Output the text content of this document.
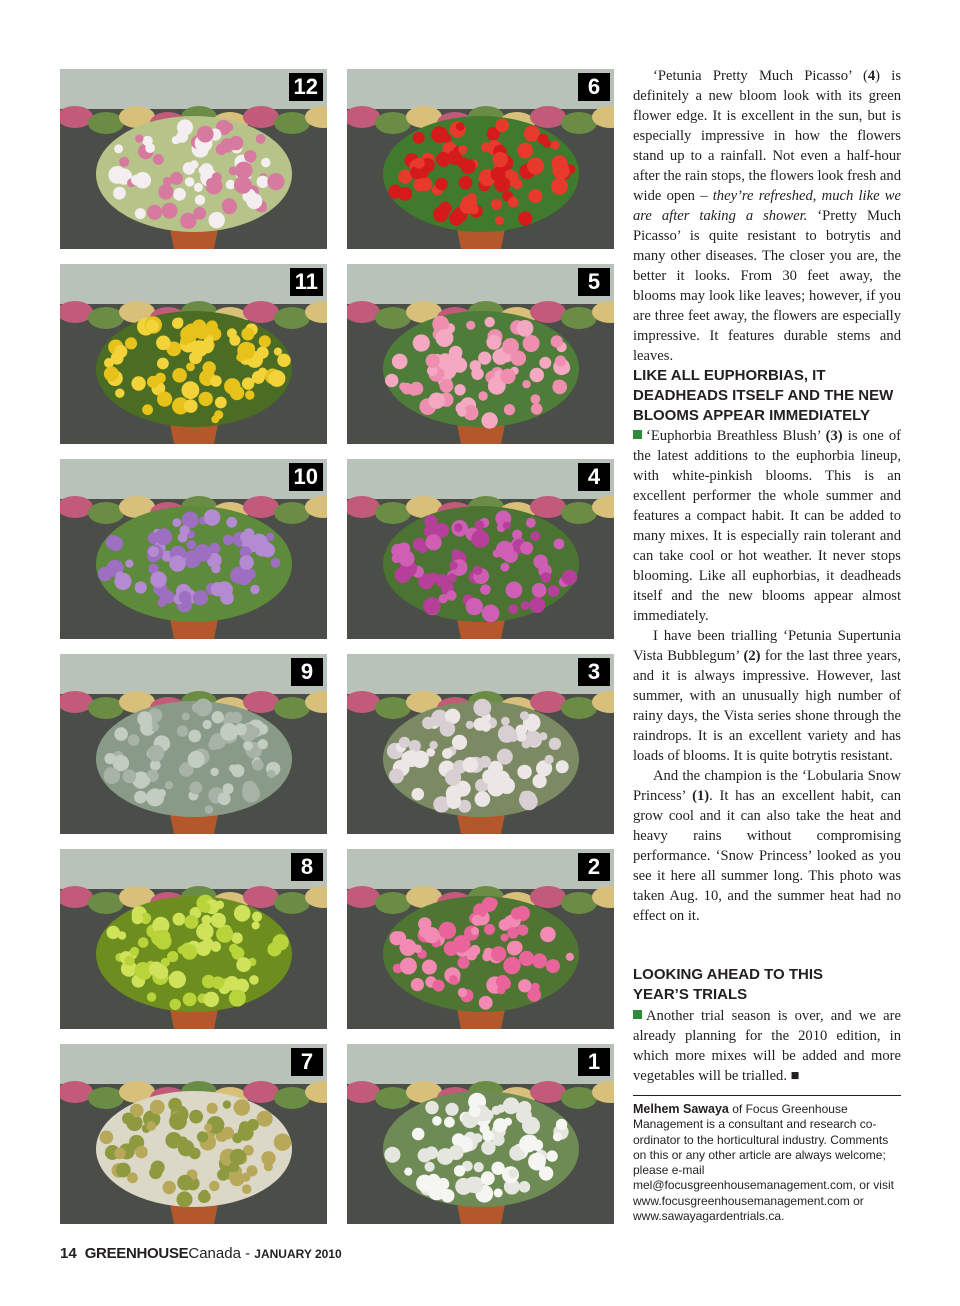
12	6
11	5
10	4
9	3
8	2
7	1

‘Petunia Pretty Much Picasso’ (4) is definitely a new bloom look with its green flower edge. It is excellent in the sun, but is especially impressive in how the flowers stand up to a rainfall. Not even a half-hour after the rain stops, the flowers look fresh and wide open – they’re refreshed, much like we are after taking a shower. ‘Pretty Much Picasso’ is quite resistant to botrytis and many other diseases. The closer you are, the better it looks. From 30 feet away, the blooms may look like leaves; however, if you are three feet away, the flowers are especially impressive. It features durable stems and leaves.

LIKE ALL EUPHORBIAS, IT DEADHEADS ITSELF AND THE NEW BLOOMS APPEAR IMMEDIATELY

‘Euphorbia Breathless Blush’ (3) is one of the latest additions to the euphorbia lineup, with white-pinkish blooms. This is an excellent performer the whole summer and features a compact habit. It can be added to many mixes. It is especially rain tolerant and can take cool or hot weather. It never stops blooming. Like all euphorbias, it deadheads itself and the new blooms appear almost immediately.

I have been trialling ‘Petunia Supertunia Vista Bubblegum’ (2) for the last three years, and it is always impressive. However, last summer, with an unusually high number of rainy days, the Vista series shone through the raindrops. It is an excellent variety and has loads of blooms. It is quite botrytis resistant.

And the champion is the ‘Lobularia Snow Princess’ (1). It has an excellent habit, can grow cool and it can also take the heat and heavy rains without compromising performance. ‘Snow Princess’ looked as you see it here all summer long. This photo was taken Aug. 10, and the summer heat had no effect on it.

LOOKING AHEAD TO THIS YEAR’S TRIALS

Another trial season is over, and we are already planning for the 2010 edition, in which more mixes will be added and more vegetables will be trialled. ■

Melhem Sawaya of Focus Greenhouse Management is a consultant and research co-ordinator to the horticultural industry. Comments on this or any other article are always welcome; please e-mail mel@focusgreenhousemanagement.com, or visit www.focusgreenhousemanagement.com or www.sawayagardentrials.ca.
14 GREENHOUSECanada - JANUARY 2010
